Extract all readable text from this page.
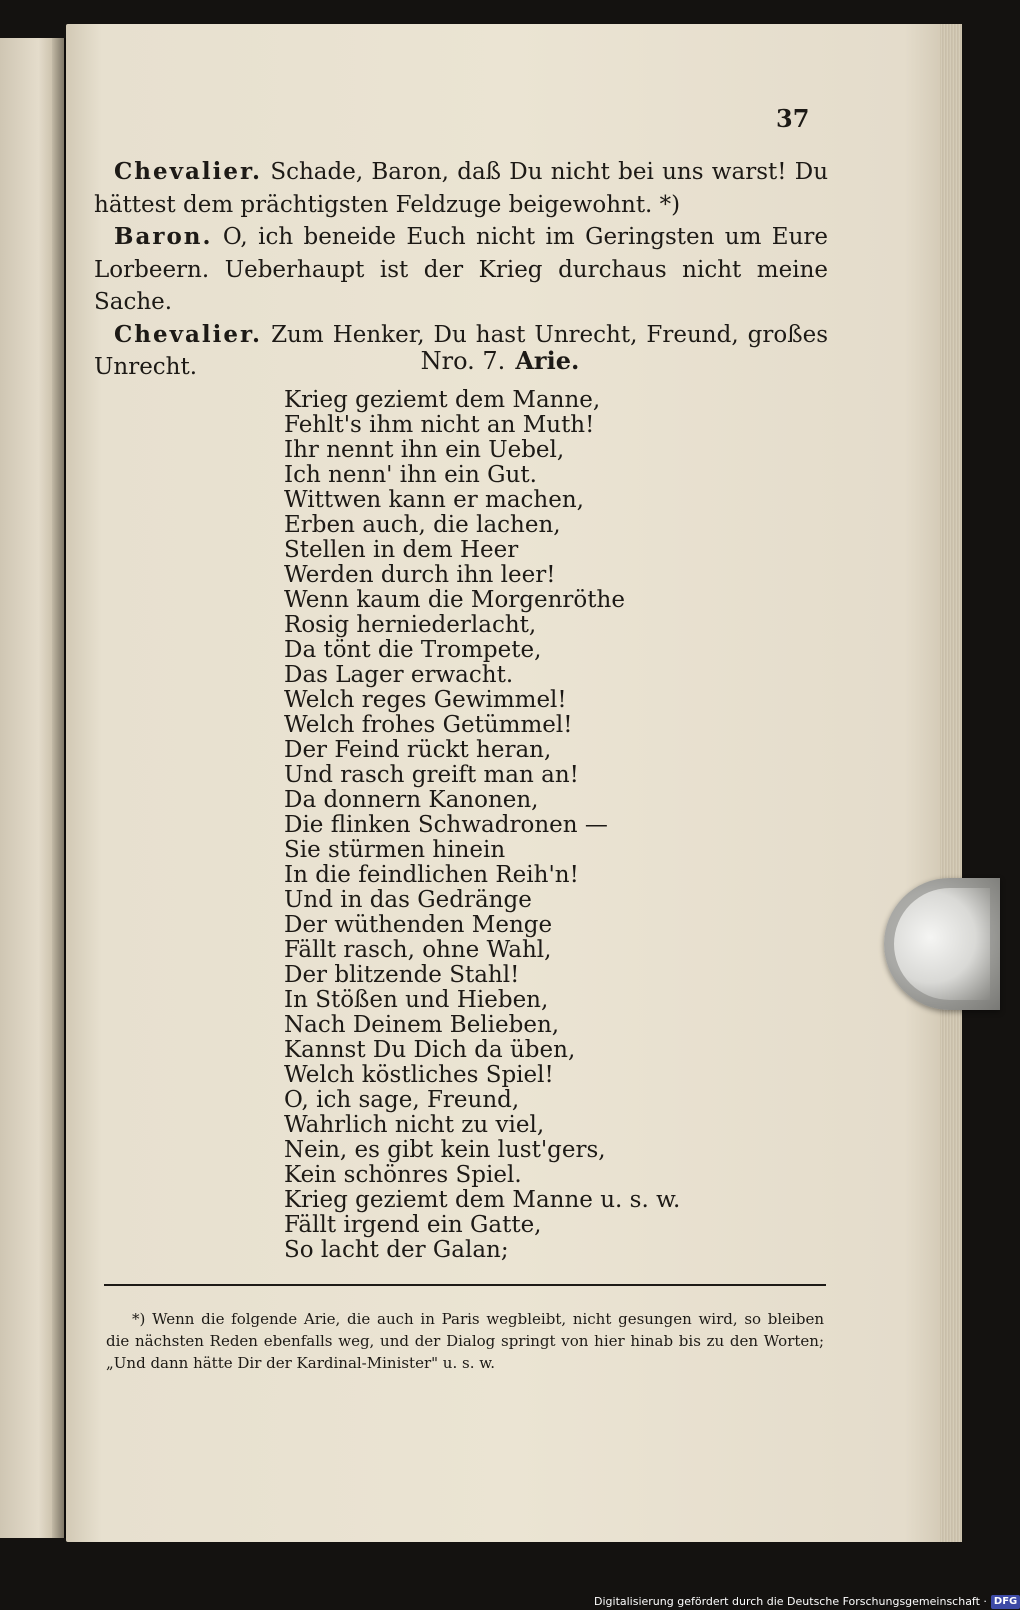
37

Chevalier. Schade, Baron, daß Du nicht bei uns warst! Du hättest dem prächtigsten Feldzuge beigewohnt. *)

Baron. O, ich beneide Euch nicht im Geringsten um Eure Lorbeern. Ueberhaupt ist der Krieg durchaus nicht meine Sache.

Chevalier. Zum Henker, Du hast Unrecht, Freund, großes Unrecht.	Nro. 7. Arie.
Krieg geziemt dem Manne,
Fehlt's ihm nicht an Muth!
Ihr nennt ihn ein Uebel,
Ich nenn' ihn ein Gut.
Wittwen kann er machen,
Erben auch, die lachen,
Stellen in dem Heer
Werden durch ihn leer!
Wenn kaum die Morgenröthe
Rosig herniederlacht,
Da tönt die Trompete,
Das Lager erwacht.
Welch reges Gewimmel!
Welch frohes Getümmel!
Der Feind rückt heran,
Und rasch greift man an!
Da donnern Kanonen,
Die flinken Schwadronen —
Sie stürmen hinein
In die feindlichen Reih'n!
Und in das Gedränge
Der wüthenden Menge
Fällt rasch, ohne Wahl,
Der blitzende Stahl!
In Stößen und Hieben,
Nach Deinem Belieben,
Kannst Du Dich da üben,
Welch köstliches Spiel!
O, ich sage, Freund,
Wahrlich nicht zu viel,
Nein, es gibt kein lust'gers,
Kein schönres Spiel.
Krieg geziemt dem Manne u. s. w.
Fällt irgend ein Gatte,
So lacht der Galan;

*) Wenn die folgende Arie, die auch in Paris wegbleibt, nicht gesungen wird, so bleiben die nächsten Reden ebenfalls weg, und der Dialog springt von hier hinab bis zu den Worten; „Und dann hätte Dir der Kardinal-Minister" u. s. w.

Digitalisierung gefördert durch die Deutsche Forschungsgemeinschaft · DFG
